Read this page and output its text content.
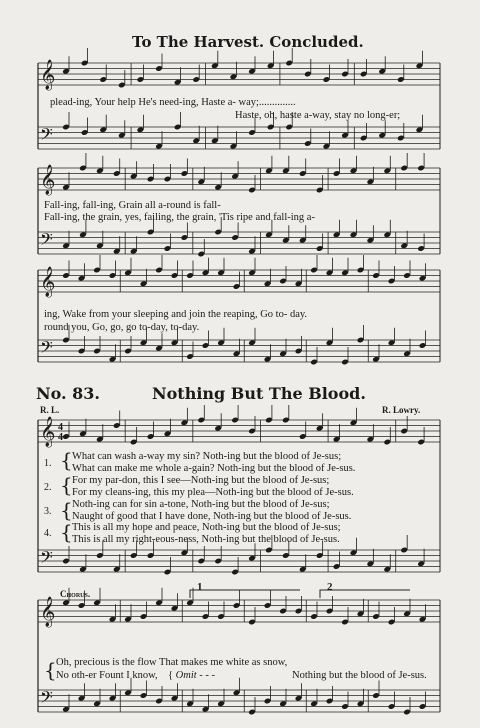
𝄞
𝄢
𝄞
𝄢
𝄞
𝄢
𝄞
𝄢
𝄞
𝄢
To The Harvest. Concluded.
plead-ing, Your help He's need-ing, Haste a- way;..............
Haste, oh, haste a-way, stay no long-er;
Fall-ing, fall-ing, Grain all a-round is fall-
Fall-ing, the grain, yes, failing, the grain, 'Tis ripe and fall-ing a-
ing, Wake from your sleeping and join the reaping, Go to- day.
round you, Go, go, go to-day, to-day.
No. 83.	Nothing But The Blood.
R. L.	R. Lowry.
{
{
{
{
1.
What can wash a-way my sin? Noth-ing but the blood of Je-sus;
What can make me whole a-gain? Noth-ing but the blood of Je-sus.
2.
For my par-don, this I see—Noth-ing but the blood of Je-sus;
For my cleans-ing, this my plea—Noth-ing but the blood of Je-sus.
3.
Noth-ing can for sin a-tone, Noth-ing but the blood of Je-sus;
Naught of good that I have done, Noth-ing but the blood of Je-sus.
4.
This is all my hope and peace, Noth-ing but the blood of Je-sus;
This is all my right-eous-ness, Noth-ing but the blood of Je-sus.
Chorus.
1	2
{ Oh, precious is the flow That makes me white as snow,
No oth-er Fount I know, { Omit - - -	Nothing but the blood of Je-sus.
4
4
